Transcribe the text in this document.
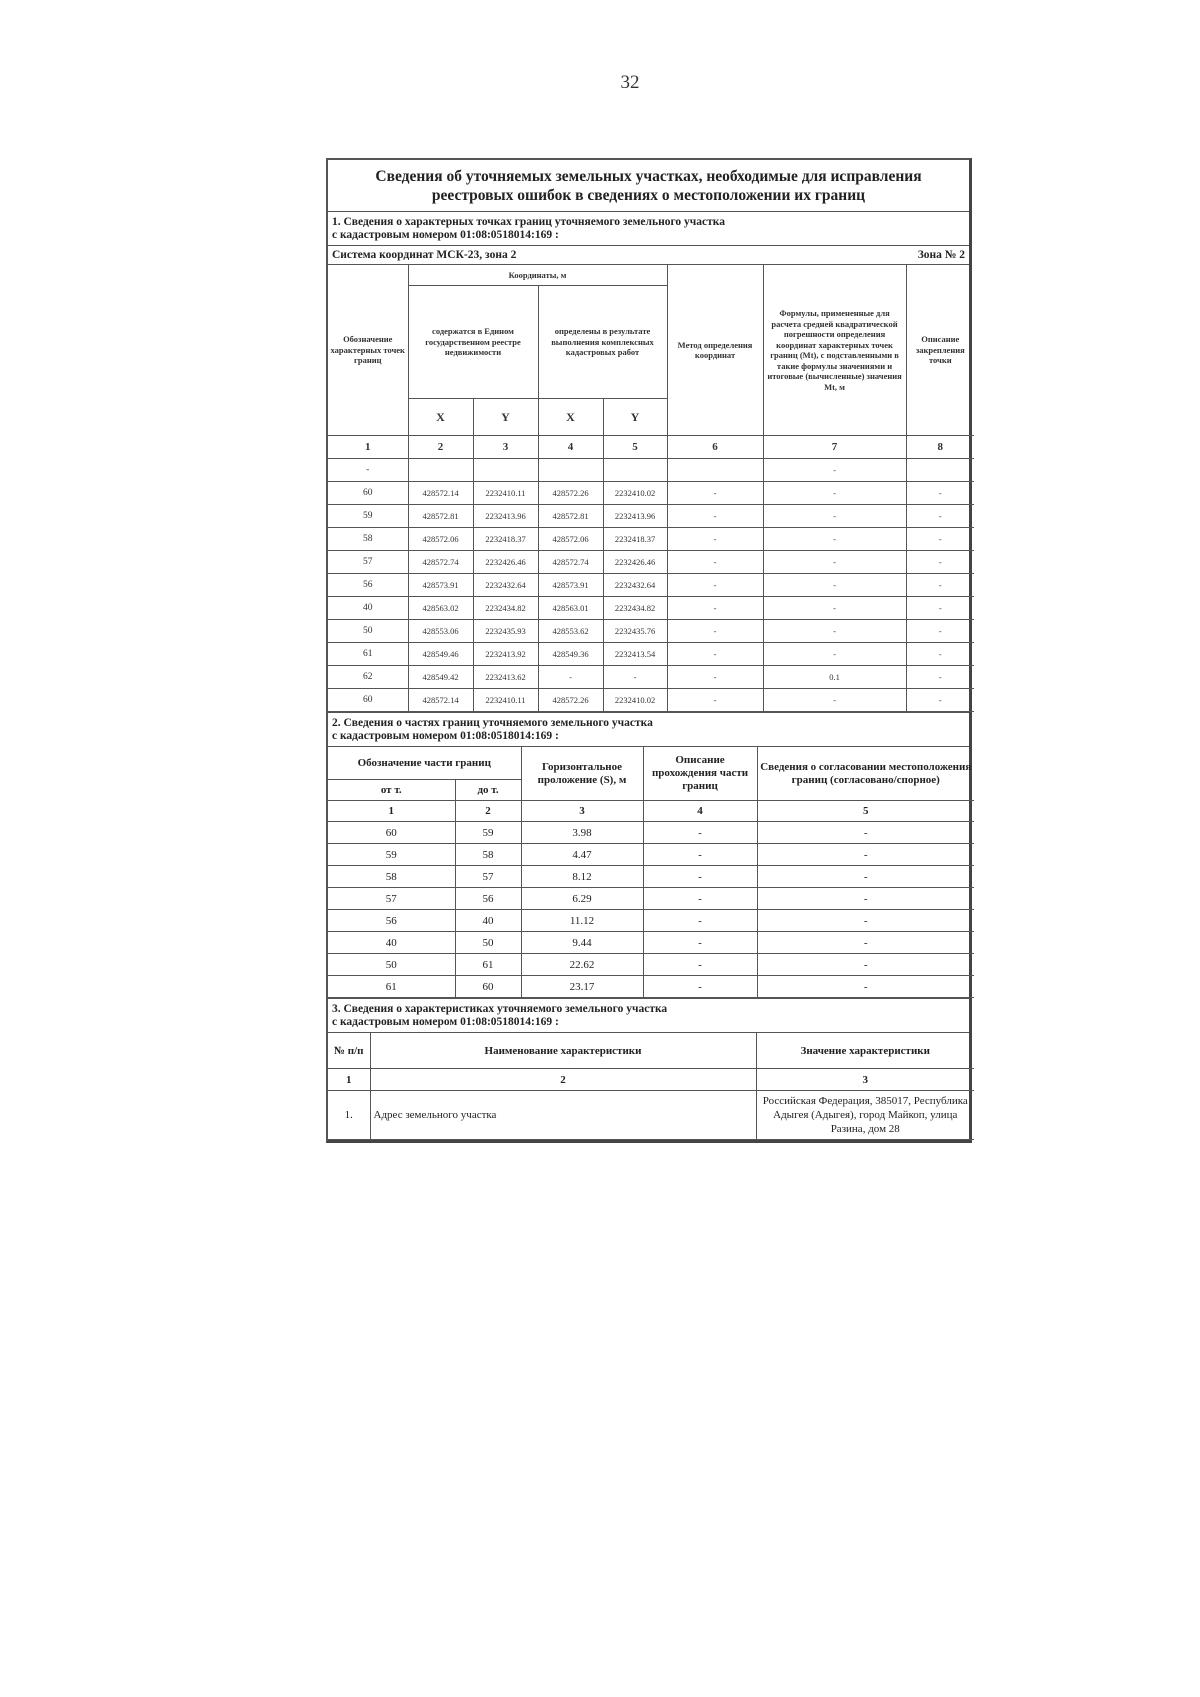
32
Сведения об уточняемых земельных участках, необходимые для исправления реестровых ошибок в сведениях о местоположении их границ
1. Сведения о характерных точках границ уточняемого земельного участка
с кадастровым номером 01:08:0518014:169 :
Система координат МСК-23, зона 2	Зона № 2
Обозначение характерных точек границ	Координаты, м				Метод определения координат	Формулы, примененные для расчета средней квадратической погрешности определения координат характерных точек границ (Mt), с подставленными в такие формулы значениями и итоговые (вычисленные) значения Mt, м	Описание закрепления точки
	содержатся в Едином государственном реестре недвижимости		определены в результате выполнения комплексных кадастровых работ				
	X	Y	X	Y			
1	2	3	4	5	6	7	8
-						-	
60	428572.14	2232410.11	428572.26	2232410.02	-	-	-
59	428572.81	2232413.96	428572.81	2232413.96	-	-	-
58	428572.06	2232418.37	428572.06	2232418.37	-	-	-
57	428572.74	2232426.46	428572.74	2232426.46	-	-	-
56	428573.91	2232432.64	428573.91	2232432.64	-	-	-
40	428563.02	2232434.82	428563.01	2232434.82	-	-	-
50	428553.06	2232435.93	428553.62	2232435.76	-	-	-
61	428549.46	2232413.92	428549.36	2232413.54	-	-	-
62	428549.42	2232413.62	-	-	-	0.1	-
60	428572.14	2232410.11	428572.26	2232410.02	-	-	-
2. Сведения о частях границ уточняемого земельного участка
с кадастровым номером 01:08:0518014:169 :
Обозначение части границ		Горизонтальное проложение (S), м	Описание прохождения части границ	Сведения о согласовании местоположения границ (согласовано/спорное)
от т.	до т.			
1	2	3	4	5
60	59	3.98	-	-
59	58	4.47	-	-
58	57	8.12	-	-
57	56	6.29	-	-
56	40	11.12	-	-
40	50	9.44	-	-
50	61	22.62	-	-
61	60	23.17	-	-
3. Сведения о характеристиках уточняемого земельного участка
с кадастровым номером 01:08:0518014:169 :
№ п/п	Наименование характеристики	Значение характеристики
1	2	3
1.	Адрес земельного участка	Российская Федерация, 385017, Республика Адыгея (Адыгея), город Майкоп, улица Разина, дом 28
